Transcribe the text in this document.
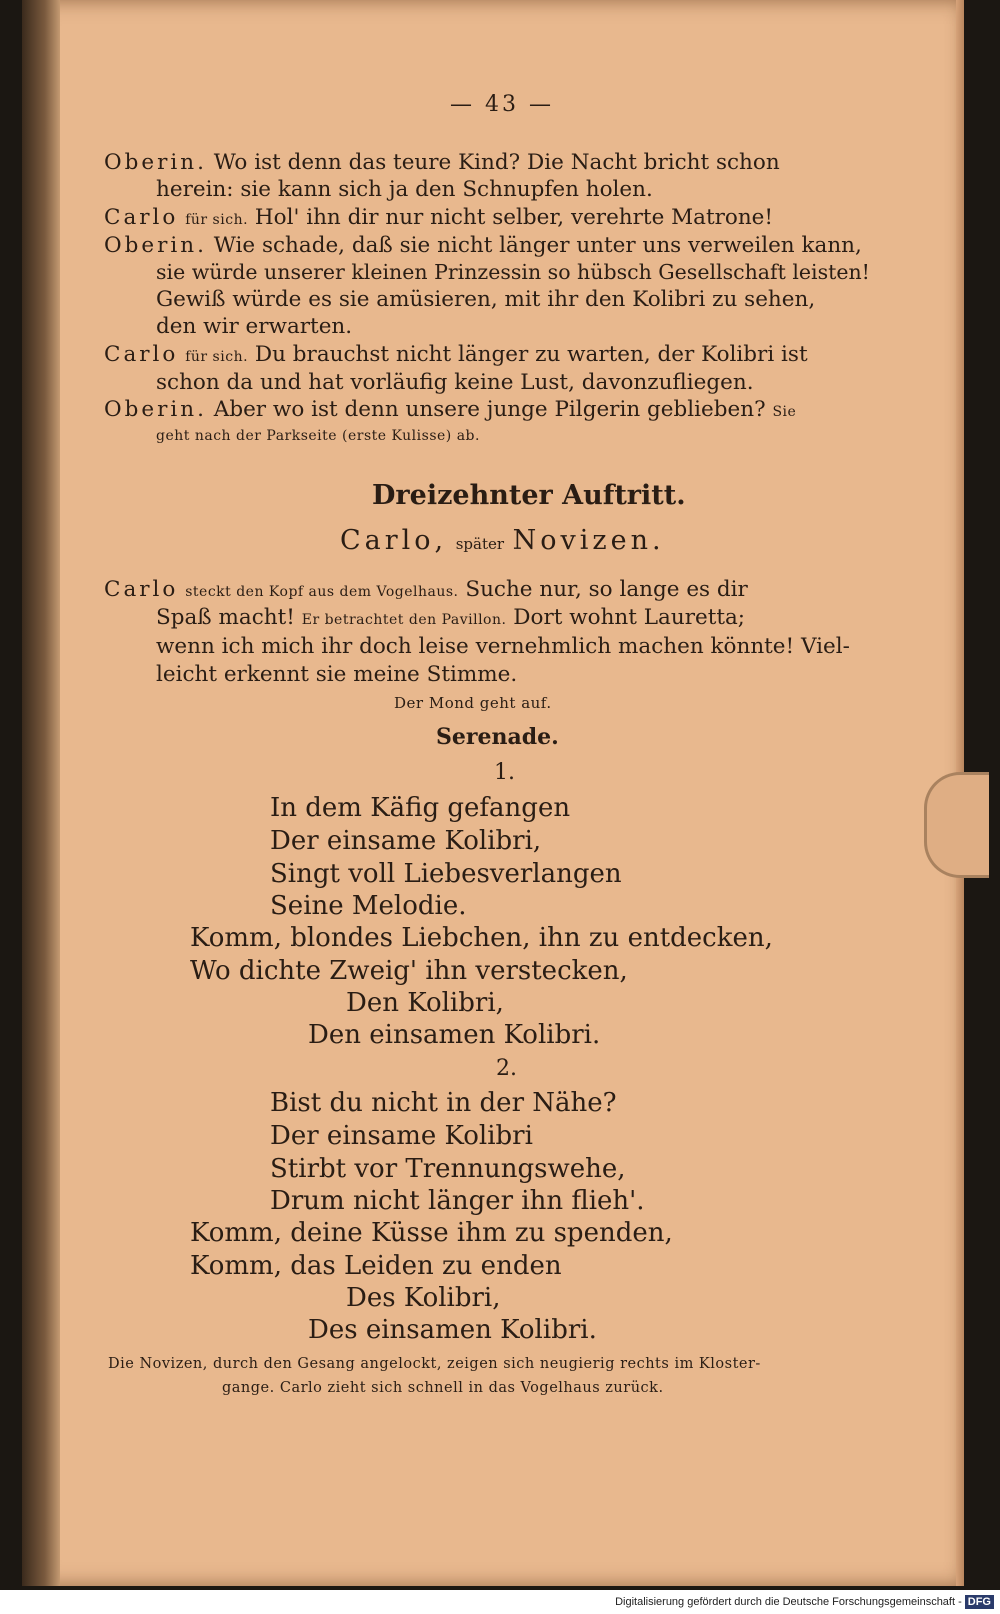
— 43 —
Oberin. Wo ist denn das teure Kind? Die Nacht bricht schon
herein: sie kann sich ja den Schnupfen holen.
Carlo für sich. Hol' ihn dir nur nicht selber, verehrte Matrone!
Oberin. Wie schade, daß sie nicht länger unter uns verweilen kann,
sie würde unserer kleinen Prinzessin so hübsch Gesellschaft leisten!
Gewiß würde es sie amüsieren, mit ihr den Kolibri zu sehen,
den wir erwarten.
Carlo für sich. Du brauchst nicht länger zu warten, der Kolibri ist
schon da und hat vorläufig keine Lust, davonzufliegen.
Oberin. Aber wo ist denn unsere junge Pilgerin geblieben? Sie
geht nach der Parkseite (erste Kulisse) ab.
Dreizehnter Auftritt.
Carlo, später Novizen.
Carlo steckt den Kopf aus dem Vogelhaus. Suche nur, so lange es dir
Spaß macht! Er betrachtet den Pavillon. Dort wohnt Lauretta;
wenn ich mich ihr doch leise vernehmlich machen könnte! Viel-
leicht erkennt sie meine Stimme.
Der Mond geht auf.
Serenade.
1.
In dem Käfig gefangen
Der einsame Kolibri,
Singt voll Liebesverlangen
Seine Melodie.
Komm, blondes Liebchen, ihn zu entdecken,
Wo dichte Zweig' ihn verstecken,
Den Kolibri,
Den einsamen Kolibri.
2.
Bist du nicht in der Nähe?
Der einsame Kolibri
Stirbt vor Trennungswehe,
Drum nicht länger ihn flieh'.
Komm, deine Küsse ihm zu spenden,
Komm, das Leiden zu enden
Des Kolibri,
Des einsamen Kolibri.
Die Novizen, durch den Gesang angelockt, zeigen sich neugierig rechts im Kloster-
gange. Carlo zieht sich schnell in das Vogelhaus zurück.
Digitalisierung gefördert durch die Deutsche Forschungsgemeinschaft - DFG
